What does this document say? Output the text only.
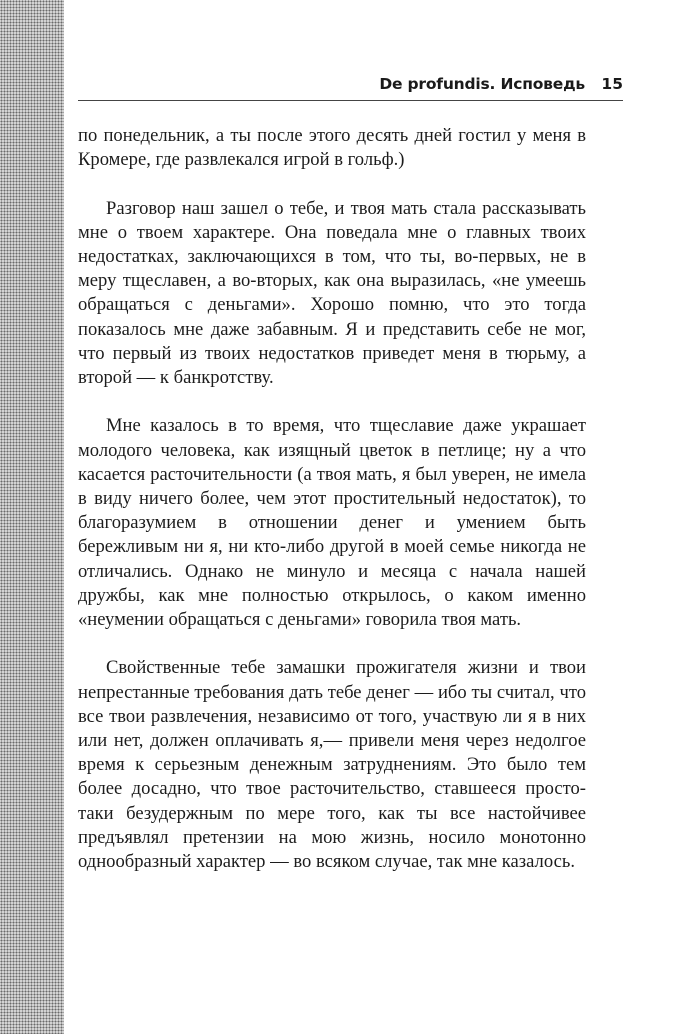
De profundis. Исповедь 15

по понедельник, а ты после этого десять дней гостил у меня в Кромере, где развлекался игрой в гольф.)

Разговор наш зашел о тебе, и твоя мать стала рассказывать мне о твоем характере. Она поведала мне о главных твоих недостатках, заключающихся в том, что ты, во-первых, не в меру тщеславен, а во-вторых, как она выразилась, «не умеешь обращаться с деньгами». Хорошо помню, что это тогда показалось мне даже забавным. Я и представить себе не мог, что первый из твоих недостатков приведет меня в тюрьму, а второй — к банкротству.

Мне казалось в то время, что тщеславие даже украшает молодого человека, как изящный цветок в петлице; ну а что касается расточительности (а твоя мать, я был уверен, не имела в виду ничего более, чем этот простительный недостаток), то благоразумием в отношении денег и умением быть бережливым ни я, ни кто-либо другой в моей семье никогда не отличались. Однако не минуло и месяца с начала нашей дружбы, как мне полностью открылось, о каком именно «неумении обращаться с деньгами» говорила твоя мать.

Свойственные тебе замашки прожигателя жизни и твои непрестанные требования дать тебе денег — ибо ты считал, что все твои развлечения, независимо от того, участвую ли я в них или нет, должен оплачивать я,— привели меня через недолгое время к серьезным денежным затруднениям. Это было тем более досадно, что твое расточительство, ставшееся просто-таки безудержным по мере того, как ты все настойчивее предъявлял претензии на мою жизнь, носило монотонно однообразный характер — во всяком случае, так мне казалось.
